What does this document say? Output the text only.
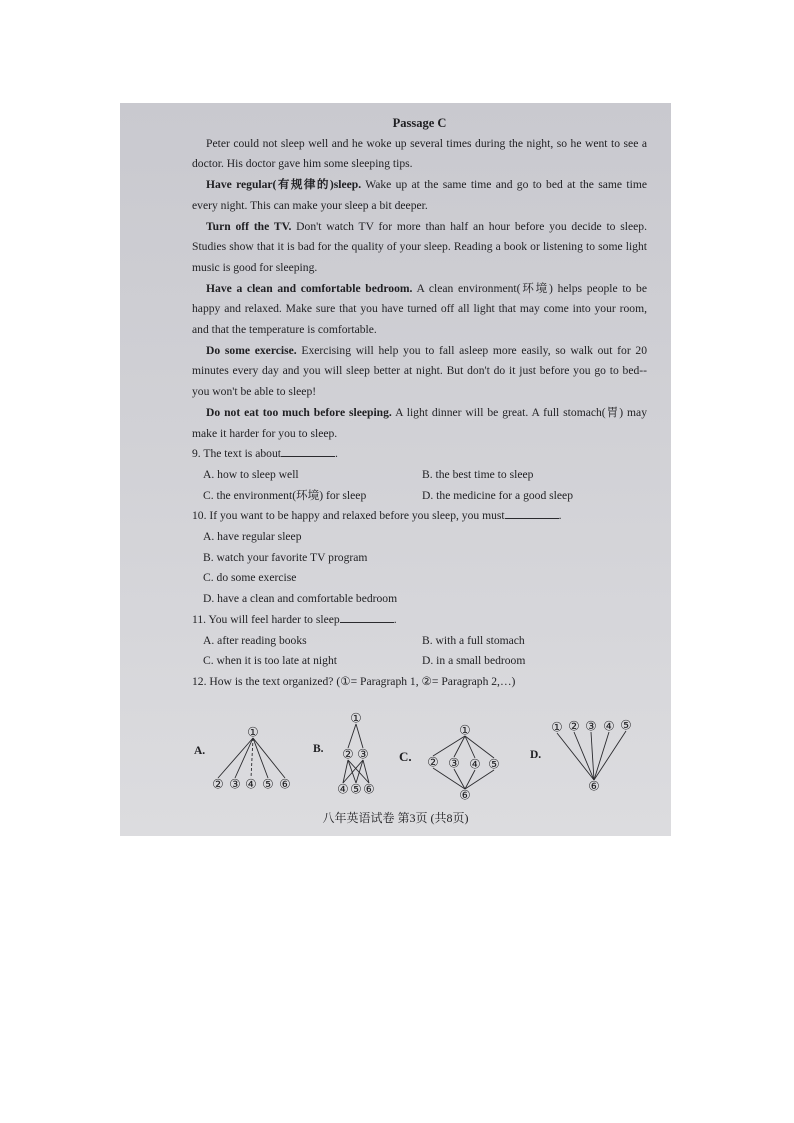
Passage C

Peter could not sleep well and he woke up several times during the night, so he went to see a doctor. His doctor gave him some sleeping tips.

Have regular(有规律的)sleep. Wake up at the same time and go to bed at the same time every night. This can make your sleep a bit deeper.

Turn off the TV. Don't watch TV for more than half an hour before you decide to sleep. Studies show that it is bad for the quality of your sleep. Reading a book or listening to some light music is good for sleeping.

Have a clean and comfortable bedroom. A clean environment(环境) helps people to be happy and relaxed. Make sure that you have turned off all light that may come into your room, and that the temperature is comfortable.

Do some exercise. Exercising will help you to fall asleep more easily, so walk out for 20 minutes every day and you will sleep better at night. But don't do it just before you go to bed--you won't be able to sleep!

Do not eat too much before sleeping. A light dinner will be great. A full stomach(胃) may make it harder for you to sleep.

9. The text is about	.
A. how to sleep well	B. the best time to sleep
C. the environment(环境) for sleep	D. the medicine for a good sleep
10. If you want to be happy and relaxed before you sleep, you must	.
A. have regular sleep
B. watch your favorite TV program
C. do some exercise
D. have a clean and comfortable bedroom
11. You will feel harder to sleep	.
A. after reading books	B. with a full stomach
C. when it is too late at night	D. in a small bedroom
12. How is the text organized? (①= Paragraph 1, ②= Paragraph 2,…)
A.	B.	C.	D.
①
② ③ ④ ⑤ ⑥
①
② ③
④ ⑤ ⑥
①
② ③ ④ ⑤
⑥
① ② ③ ④ ⑤
⑥
八年英语试卷 第3页 (共8页)
